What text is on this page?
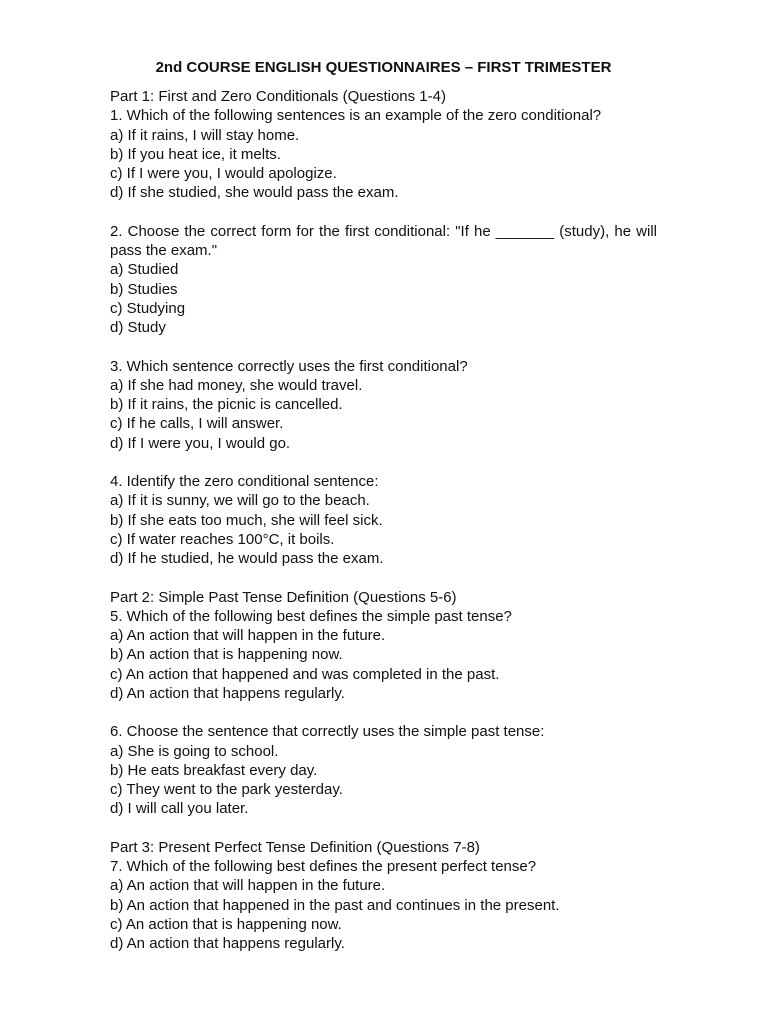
2nd COURSE ENGLISH QUESTIONNAIRES – FIRST TRIMESTER
Part 1: First and Zero Conditionals (Questions 1-4)
1. Which of the following sentences is an example of the zero conditional?
a) If it rains, I will stay home.
b) If you heat ice, it melts.
c) If I were you, I would apologize.
d) If she studied, she would pass the exam.
2. Choose the correct form for the first conditional: "If he _______ (study), he will pass the exam."
a) Studied
b) Studies
c) Studying
d) Study
3. Which sentence correctly uses the first conditional?
a) If she had money, she would travel.
b) If it rains, the picnic is cancelled.
c) If he calls, I will answer.
d) If I were you, I would go.
4. Identify the zero conditional sentence:
a) If it is sunny, we will go to the beach.
b) If she eats too much, she will feel sick.
c) If water reaches 100°C, it boils.
d) If he studied, he would pass the exam.
Part 2: Simple Past Tense Definition (Questions 5-6)
5. Which of the following best defines the simple past tense?
a) An action that will happen in the future.
b) An action that is happening now.
c) An action that happened and was completed in the past.
d) An action that happens regularly.
6. Choose the sentence that correctly uses the simple past tense:
a) She is going to school.
b) He eats breakfast every day.
c) They went to the park yesterday.
d) I will call you later.
Part 3: Present Perfect Tense Definition (Questions 7-8)
7. Which of the following best defines the present perfect tense?
a) An action that will happen in the future.
b) An action that happened in the past and continues in the present.
c) An action that is happening now.
d) An action that happens regularly.
